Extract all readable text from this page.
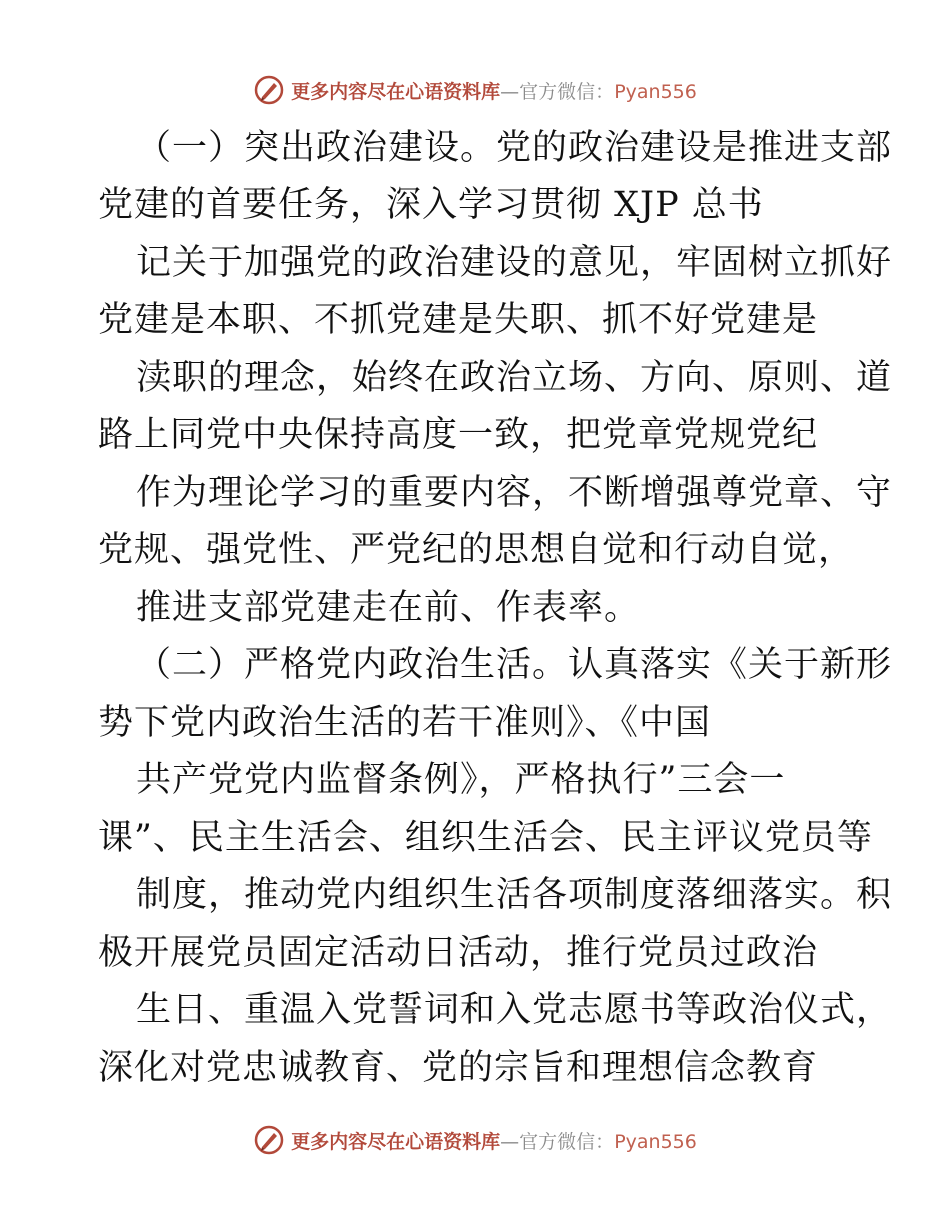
更多内容尽在心语资料库—官方微信：Pyan556
（一）突出政治建设。党的政治建设是推进支部
党建的首要任务，深入学习贯彻 XJP 总书
记关于加强党的政治建设的意见，牢固树立抓好
党建是本职、不抓党建是失职、抓不好党建是
渎职的理念，始终在政治立场、方向、原则、道
路上同党中央保持高度一致，把党章党规党纪
作为理论学习的重要内容，不断增强尊党章、守
党规、强党性、严党纪的思想自觉和行动自觉，
推进支部党建走在前、作表率。
（二）严格党内政治生活。认真落实《关于新形
势下党内政治生活的若干准则》、《中国
共产党党内监督条例》，严格执行”三会一
课”、民主生活会、组织生活会、民主评议党员等
制度，推动党内组织生活各项制度落细落实。积
极开展党员固定活动日活动，推行党员过政治
生日、重温入党誓词和入党志愿书等政治仪式，
深化对党忠诚教育、党的宗旨和理想信念教育
更多内容尽在心语资料库—官方微信：Pyan556
